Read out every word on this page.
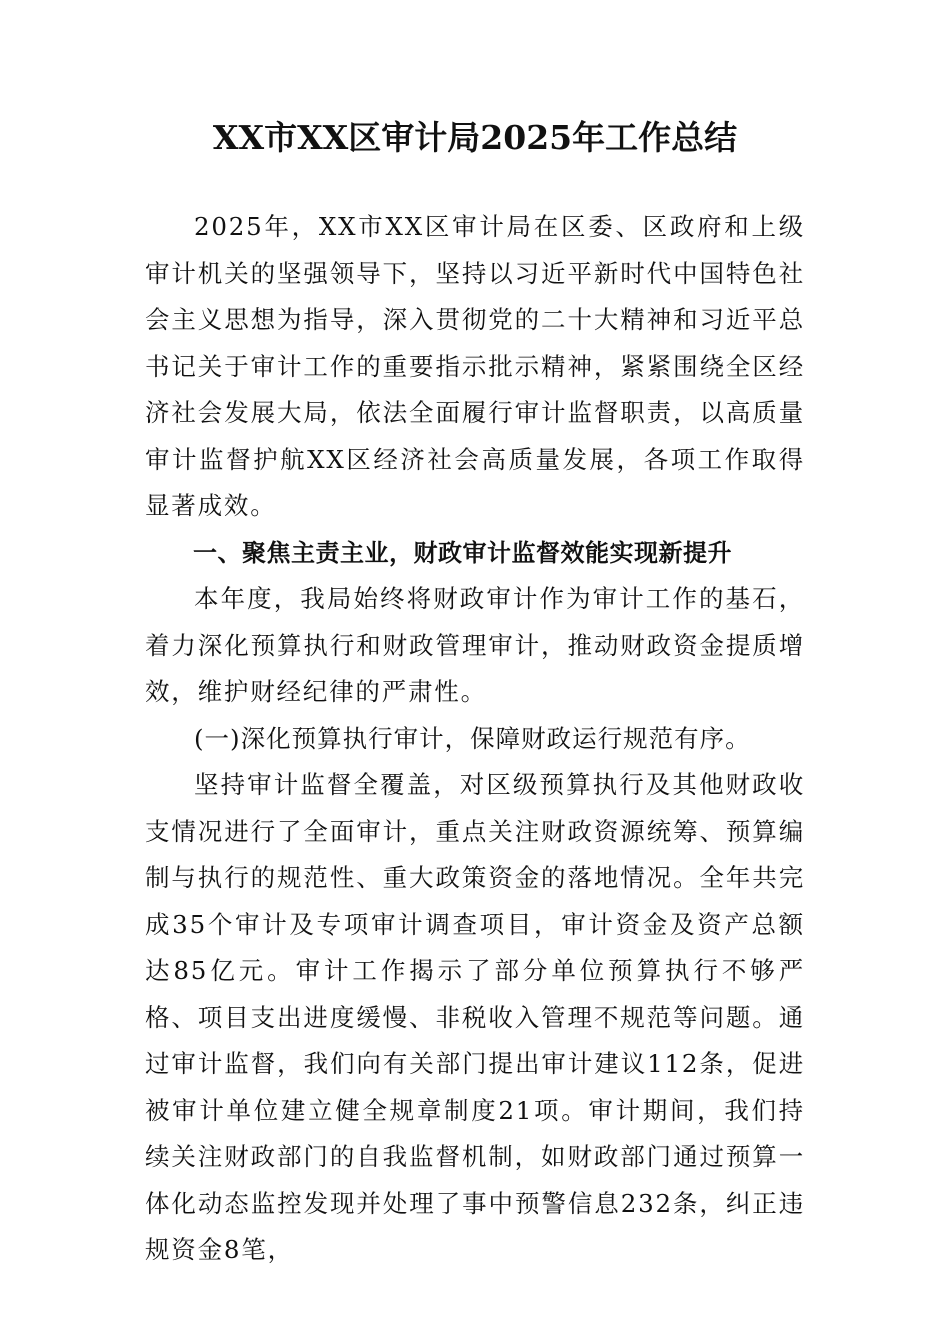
XX市XX区审计局2025年工作总结

2025年，XX市XX区审计局在区委、区政府和上级审计机关的坚强领导下，坚持以习近平新时代中国特色社会主义思想为指导，深入贯彻党的二十大精神和习近平总书记关于审计工作的重要指示批示精神，紧紧围绕全区经济社会发展大局，依法全面履行审计监督职责，以高质量审计监督护航XX区经济社会高质量发展，各项工作取得显著成效。

一、聚焦主责主业，财政审计监督效能实现新提升

本年度，我局始终将财政审计作为审计工作的基石，着力深化预算执行和财政管理审计，推动财政资金提质增效，维护财经纪律的严肃性。

(一)深化预算执行审计，保障财政运行规范有序。

坚持审计监督全覆盖，对区级预算执行及其他财政收支情况进行了全面审计，重点关注财政资源统筹、预算编制与执行的规范性、重大政策资金的落地情况。全年共完成35个审计及专项审计调查项目，审计资金及资产总额达85亿元。审计工作揭示了部分单位预算执行不够严格、项目支出进度缓慢、非税收入管理不规范等问题。通过审计监督，我们向有关部门提出审计建议112条，促进被审计单位建立健全规章制度21项。审计期间，我们持续关注财政部门的自我监督机制，如财政部门通过预算一体化动态监控发现并处理了事中预警信息232条，纠正违规资金8笔，
